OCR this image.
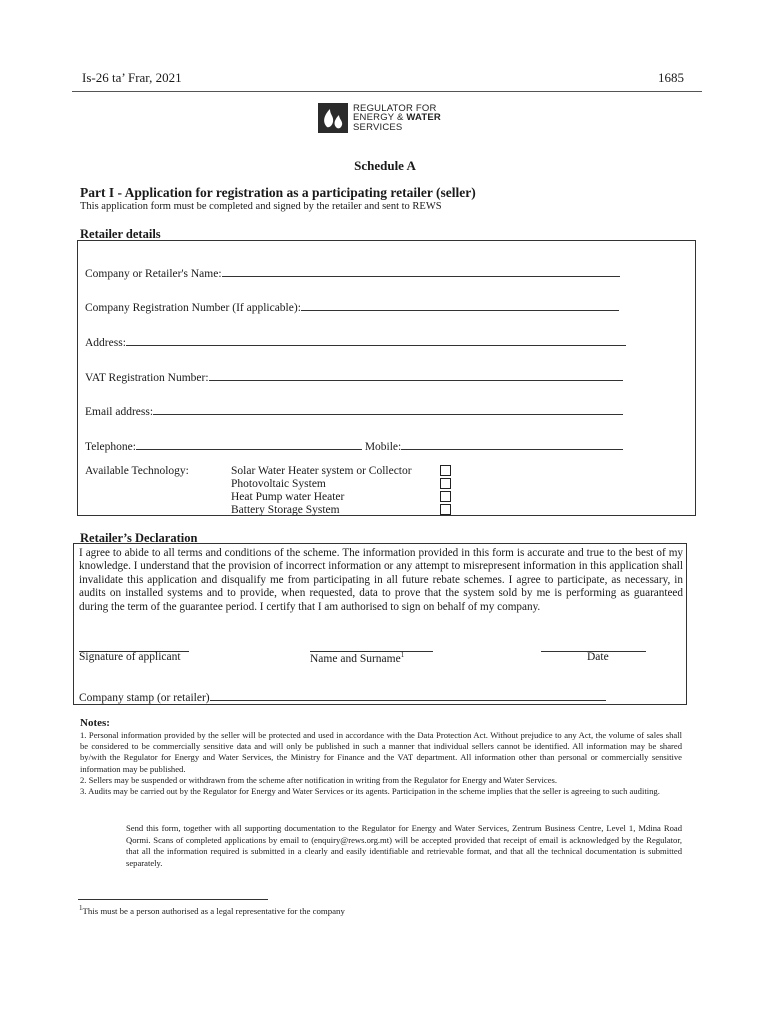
Is-26 ta’ Frar, 2021	1685
REGULATOR FOR
ENERGY & WATER
SERVICES
Schedule A
Part I - Application for registration as a participating retailer (seller)
This application form must be completed and signed by the retailer and sent to REWS
Retailer details
Company or Retailer's Name:
Company Registration Number (If applicable):
Address:
VAT Registration Number:
Email address:
Telephone:	Mobile:
Available Technology:	Solar Water Heater system or Collector
Photovoltaic System
Heat Pump water Heater
Battery Storage System
Retailer’s Declaration
I agree to abide to all terms and conditions of the scheme. The information provided in this form is accurate and true to the best of my knowledge. I understand that the provision of incorrect information or any attempt to misrepresent information in this application shall invalidate this application and disqualify me from participating in all future rebate schemes. I agree to participate, as necessary, in audits on installed systems and to provide, when requested, data to prove that the system sold by me is performing as guaranteed during the term of the guarantee period. I certify that I am authorised to sign on behalf of my company.
Signature of applicant	Name and Surname$^1$	Date
Company stamp (or retailer)
Notes:

1. Personal information provided by the seller will be protected and used in accordance with the Data Protection Act. Without prejudice to any Act, the volume of sales shall be considered to be commercially sensitive data and will only be published in such a manner that individual sellers cannot be identified. All information may be shared by/with the Regulator for Energy and Water Services, the Ministry for Finance and the VAT department. All information other than personal or commercially sensitive information may be published.

2. Sellers may be suspended or withdrawn from the scheme after notification in writing from the Regulator for Energy and Water Services.

3. Audits may be carried out by the Regulator for Energy and Water Services or its agents. Participation in the scheme implies that the seller is agreeing to such auditing.

Send this form, together with all supporting documentation to the Regulator for Energy and Water Services, Zentrum Business Centre, Level 1, Mdina Road Qormi. Scans of completed applications by email to (enquiry@rews.org.mt) will be accepted provided that receipt of email is acknowledged by the Regulator, that all the information required is submitted in a clearly and easily identifiable and retrievable format, and that all the technical documentation is submitted separately.
$^1$This must be a person authorised as a legal representative for the company
